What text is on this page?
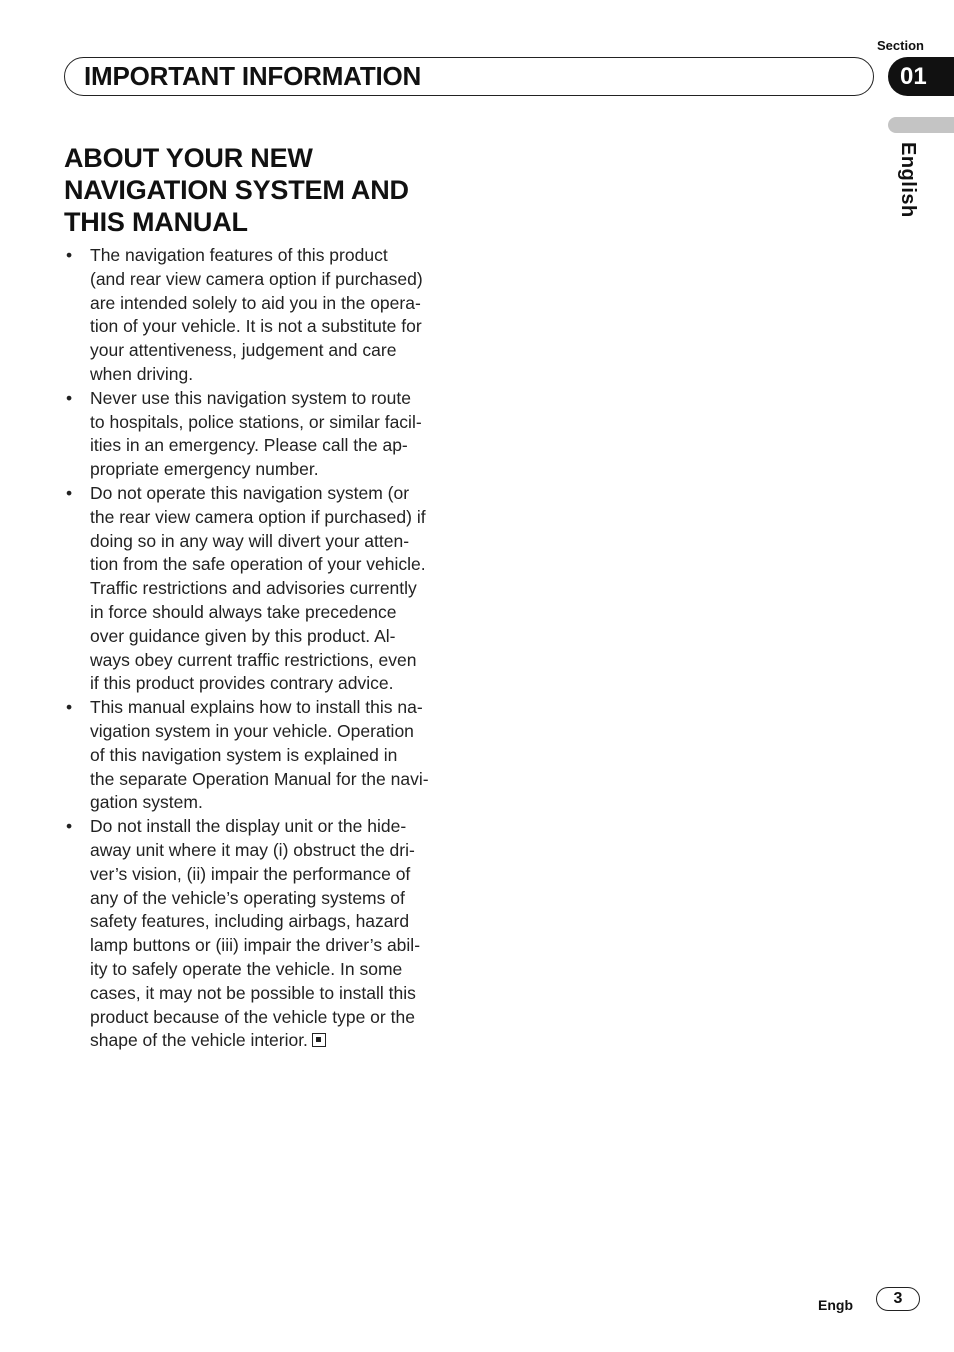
IMPORTANT INFORMATION
Section
01
English
ABOUT YOUR NEW
NAVIGATION SYSTEM AND
THIS MANUAL
• The navigation features of this product
(and rear view camera option if purchased)
are intended solely to aid you in the opera-
tion of your vehicle. It is not a substitute for
your attentiveness, judgement and care
when driving.
• Never use this navigation system to route
to hospitals, police stations, or similar facil-
ities in an emergency. Please call the ap-
propriate emergency number.
• Do not operate this navigation system (or
the rear view camera option if purchased) if
doing so in any way will divert your atten-
tion from the safe operation of your vehicle.
Traffic restrictions and advisories currently
in force should always take precedence
over guidance given by this product. Al-
ways obey current traffic restrictions, even
if this product provides contrary advice.
• This manual explains how to install this na-
vigation system in your vehicle. Operation
of this navigation system is explained in
the separate Operation Manual for the navi-
gation system.
• Do not install the display unit or the hide-
away unit where it may (i) obstruct the dri-
ver’s vision, (ii) impair the performance of
any of the vehicle’s operating systems of
safety features, including airbags, hazard
lamp buttons or (iii) impair the driver’s abil-
ity to safely operate the vehicle. In some
cases, it may not be possible to install this
product because of the vehicle type or the
shape of the vehicle interior.
Engb	3
